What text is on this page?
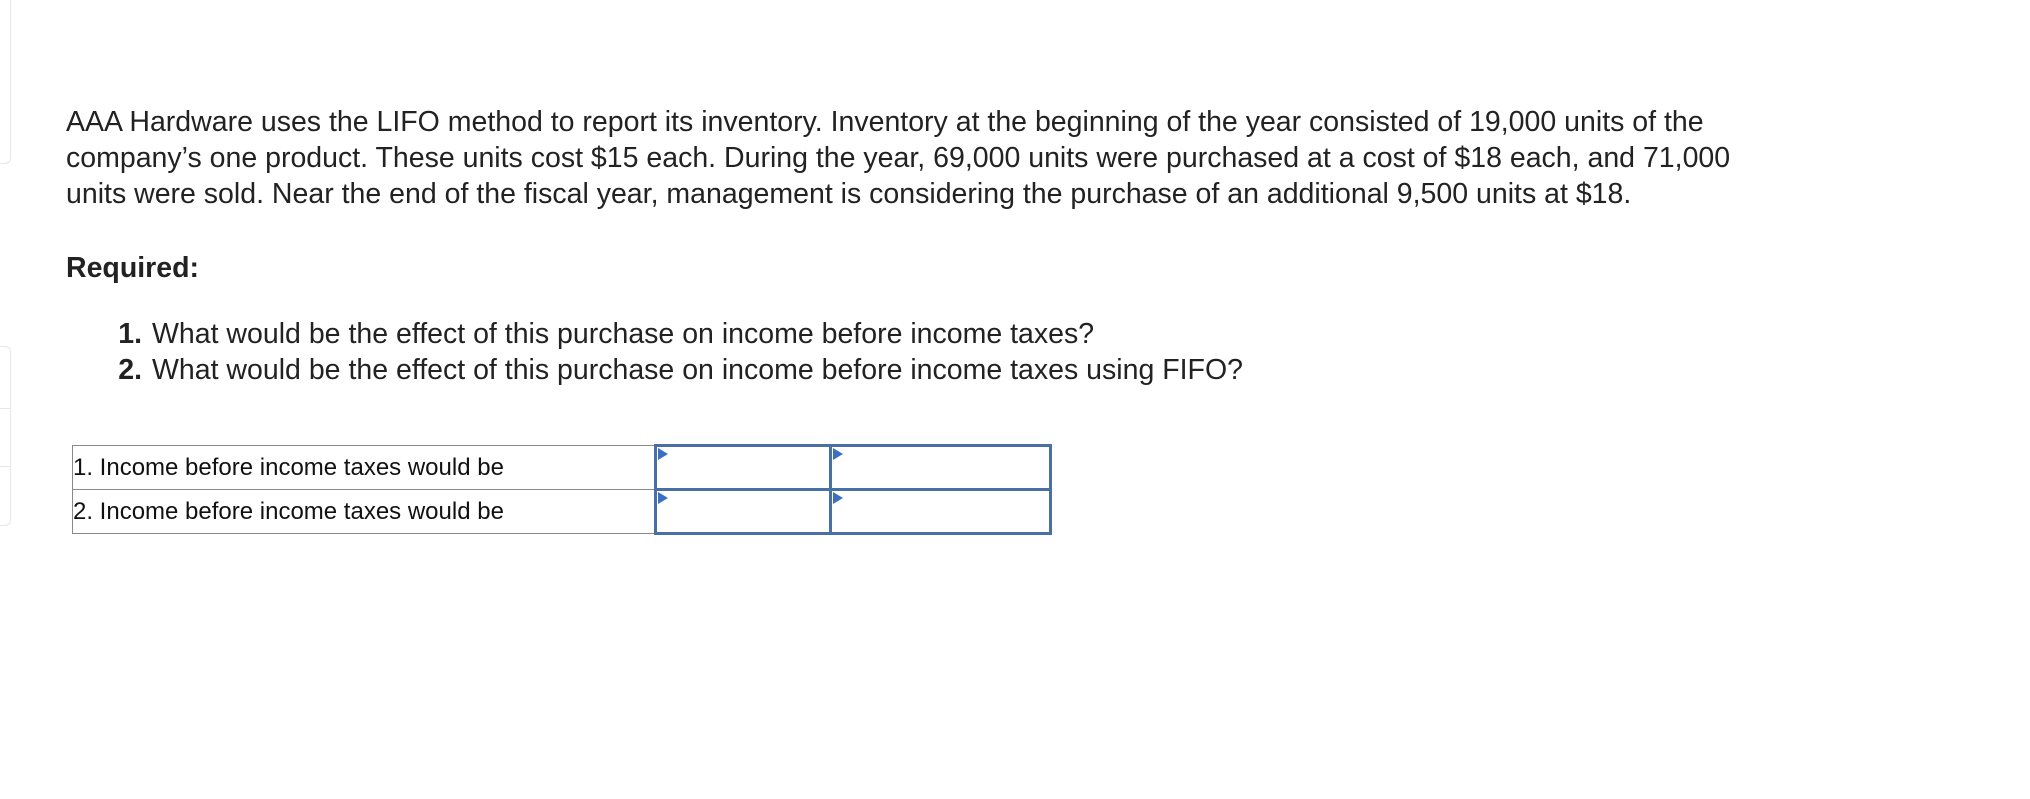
AAA Hardware uses the LIFO method to report its inventory. Inventory at the beginning of the year consisted of 19,000 units of the
company’s one product. These units cost $15 each. During the year, 69,000 units were purchased at a cost of $18 each, and 71,000
units were sold. Near the end of the fiscal year, management is considering the purchase of an additional 9,500 units at $18.

Required:

1. What would be the effect of this purchase on income before income taxes?
2. What would be the effect of this purchase on income before income taxes using FIFO?
1. Income before income taxes would be	

2. Income before income taxes would be	
